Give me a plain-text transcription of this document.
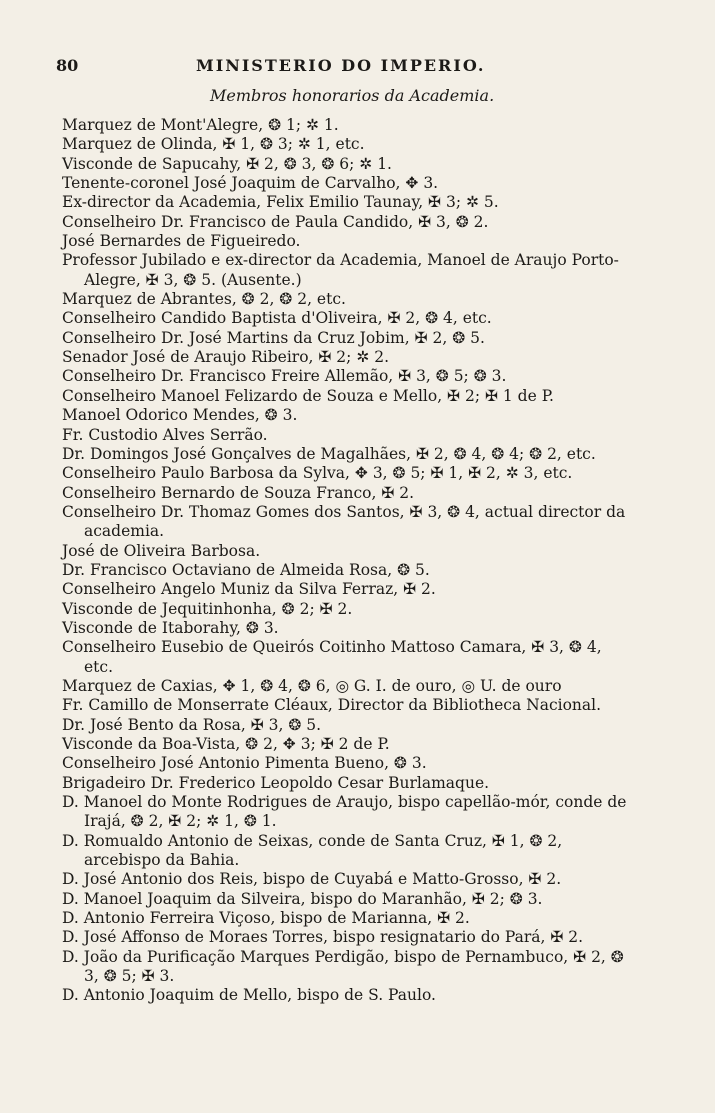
80	MINISTERIO DO IMPERIO.
Membros honorarios da Academia.
Marquez de Mont'Alegre, ❂ 1; ✲ 1.
Marquez de Olinda, ✠ 1, ❂ 3; ✲ 1, etc.
Visconde de Sapucahy, ✠ 2, ❂ 3, ❂ 6; ✲ 1.
Tenente-coronel José Joaquim de Carvalho, ✥ 3.
Ex-director da Academia, Felix Emilio Taunay, ✠ 3; ✲ 5.
Conselheiro Dr. Francisco de Paula Candido, ✠ 3, ❂ 2.
José Bernardes de Figueiredo.
Professor Jubilado e ex-director da Academia, Manoel de Araujo Porto-Alegre, ✠ 3, ❂ 5. (Ausente.)
Marquez de Abrantes, ❂ 2, ❂ 2, etc.
Conselheiro Candido Baptista d'Oliveira, ✠ 2, ❂ 4, etc.
Conselheiro Dr. José Martins da Cruz Jobim, ✠ 2, ❂ 5.
Senador José de Araujo Ribeiro, ✠ 2; ✲ 2.
Conselheiro Dr. Francisco Freire Allemão, ✠ 3, ❂ 5; ❂ 3.
Conselheiro Manoel Felizardo de Souza e Mello, ✠ 2; ✠ 1 de P.
Manoel Odorico Mendes, ❂ 3.
Fr. Custodio Alves Serrão.
Dr. Domingos José Gonçalves de Magalhães, ✠ 2, ❂ 4, ❂ 4; ❂ 2, etc.
Conselheiro Paulo Barbosa da Sylva, ✥ 3, ❂ 5; ✠ 1, ✠ 2, ✲ 3, etc.
Conselheiro Bernardo de Souza Franco, ✠ 2.
Conselheiro Dr. Thomaz Gomes dos Santos, ✠ 3, ❂ 4, actual director da academia.
José de Oliveira Barbosa.
Dr. Francisco Octaviano de Almeida Rosa, ❂ 5.
Conselheiro Angelo Muniz da Silva Ferraz, ✠ 2.
Visconde de Jequitinhonha, ❂ 2; ✠ 2.
Visconde de Itaborahy, ❂ 3.
Conselheiro Eusebio de Queirós Coitinho Mattoso Camara, ✠ 3, ❂ 4, etc.
Marquez de Caxias, ✥ 1, ❂ 4, ❂ 6, ◎ G. I. de ouro, ◎ U. de ouro
Fr. Camillo de Monserrate Cléaux, Director da Bibliotheca Nacional.
Dr. José Bento da Rosa, ✠ 3, ❂ 5.
Visconde da Boa-Vista, ❂ 2, ✥ 3; ✠ 2 de P.
Conselheiro José Antonio Pimenta Bueno, ❂ 3.
Brigadeiro Dr. Frederico Leopoldo Cesar Burlamaque.
D. Manoel do Monte Rodrigues de Araujo, bispo capellão-mór, conde de Irajá, ❂ 2, ✠ 2; ✲ 1, ❂ 1.
D. Romualdo Antonio de Seixas, conde de Santa Cruz, ✠ 1, ❂ 2, arcebispo da Bahia.
D. José Antonio dos Reis, bispo de Cuyabá e Matto-Grosso, ✠ 2.
D. Manoel Joaquim da Silveira, bispo do Maranhão, ✠ 2; ❂ 3.
D. Antonio Ferreira Viçoso, bispo de Marianna, ✠ 2.
D. José Affonso de Moraes Torres, bispo resignatario do Pará, ✠ 2.
D. João da Purificação Marques Perdigão, bispo de Pernambuco, ✠ 2, ❂ 3, ❂ 5; ✠ 3.
D. Antonio Joaquim de Mello, bispo de S. Paulo.
